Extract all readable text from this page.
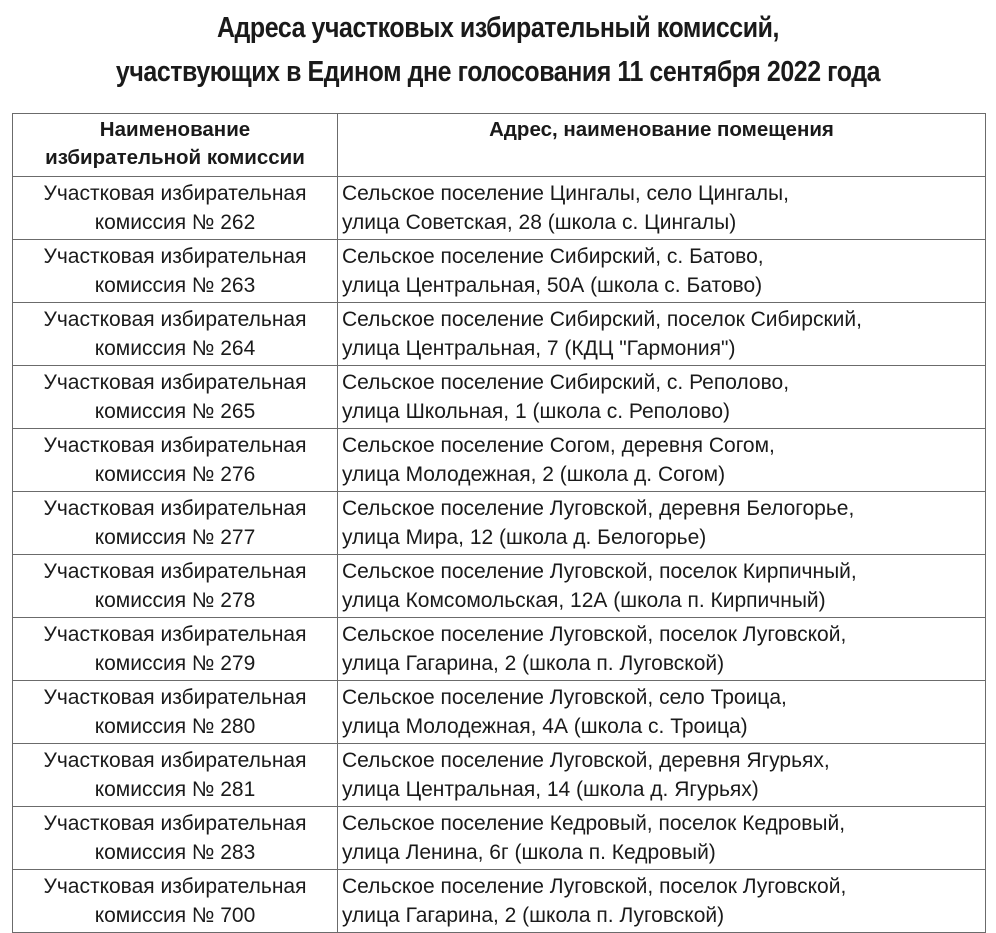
Адреса участковых избирательный комиссий,
участвующих в Едином дне голосования 11 сентября 2022 года
Наименование
избирательной комиссии	Адрес, наименование помещения

Участковая избирательная
комиссия № 262	Сельское поселение Цингалы, село Цингалы,
улица Советская, 28 (школа с. Цингалы)

Участковая избирательная
комиссия № 263	Сельское поселение Сибирский, с. Батово,
улица Центральная, 50А (школа с. Батово)

Участковая избирательная
комиссия № 264	Сельское поселение Сибирский, поселок Сибирский,
улица Центральная, 7 (КДЦ "Гармония")

Участковая избирательная
комиссия № 265	Сельское поселение Сибирский, с. Реполово,
улица Школьная, 1 (школа с. Реполово)

Участковая избирательная
комиссия № 276	Сельское поселение Согом, деревня Согом,
улица Молодежная, 2 (школа д. Согом)

Участковая избирательная
комиссия № 277	Сельское поселение Луговской, деревня Белогорье,
улица Мира, 12 (школа д. Белогорье)

Участковая избирательная
комиссия № 278	Сельское поселение Луговской, поселок Кирпичный,
улица Комсомольская, 12А (школа п. Кирпичный)

Участковая избирательная
комиссия № 279	Сельское поселение Луговской, поселок Луговской,
улица Гагарина, 2 (школа п. Луговской)

Участковая избирательная
комиссия № 280	Сельское поселение Луговской, село Троица,
улица Молодежная, 4А (школа с. Троица)

Участковая избирательная
комиссия № 281	Сельское поселение Луговской, деревня Ягурьях,
улица Центральная, 14 (школа д. Ягурьях)

Участковая избирательная
комиссия № 283	Сельское поселение Кедровый, поселок Кедровый,
улица Ленина, 6г (школа п. Кедровый)

Участковая избирательная
комиссия № 700	Сельское поселение Луговской, поселок Луговской,
улица Гагарина, 2 (школа п. Луговской)
